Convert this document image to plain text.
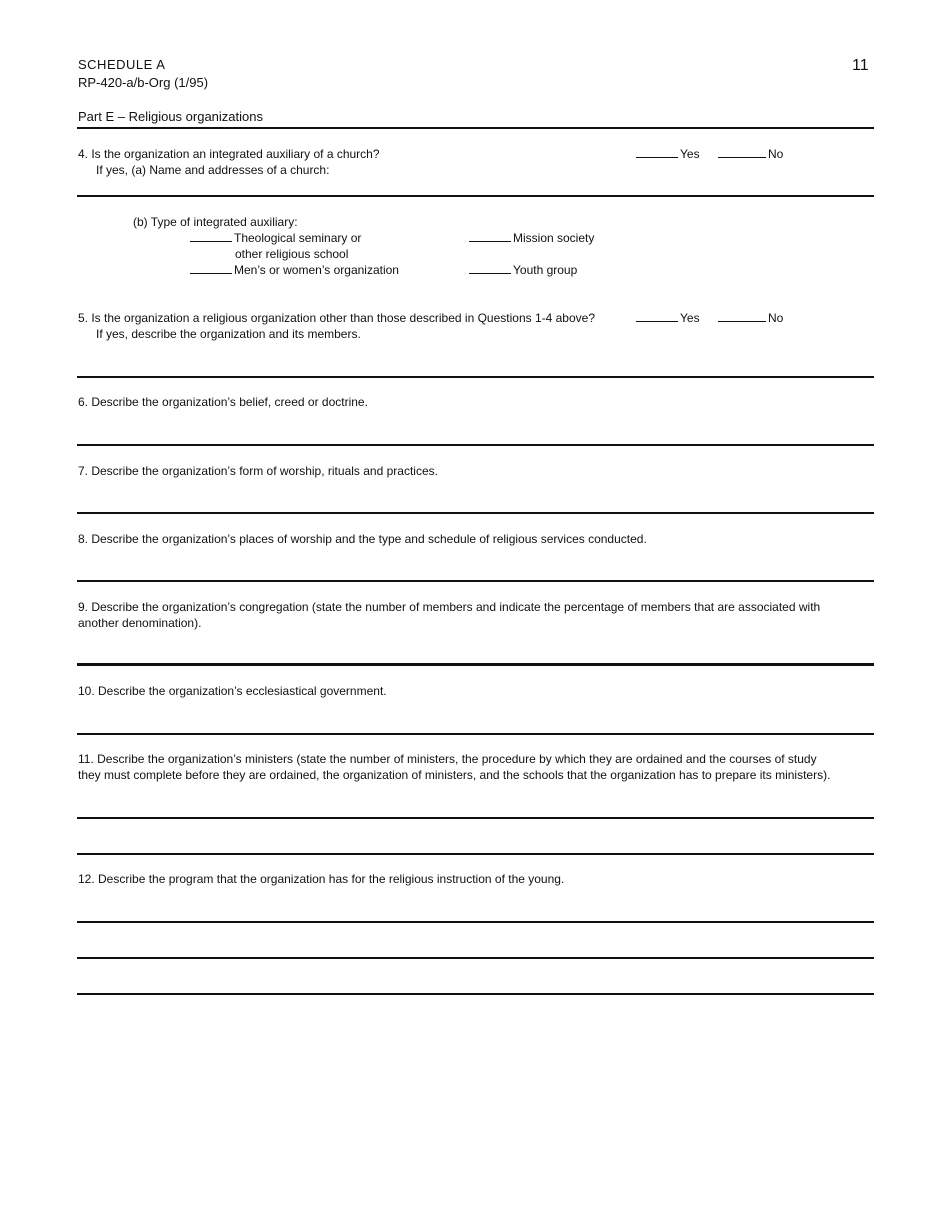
SCHEDULE A
RP-420-a/b-Org (1/95)
11
Part E – Religious organizations
4. Is the organization an integrated auxiliary of a church?
If yes, (a) Name and addresses of a church:
Yes	No
(b) Type of integrated auxiliary:
Theological seminary or
other religious school
Men’s or women’s organization
Mission society
Youth group
5. Is the organization a religious organization other than those described in Questions 1-4 above?
If yes, describe the organization and its members.
Yes	No
6. Describe the organization’s belief, creed or doctrine.
7. Describe the organization’s form of worship, rituals and practices.
8. Describe the organization’s places of worship and the type and schedule of religious services conducted.
9. Describe the organization’s congregation (state the number of members and indicate the percentage of members that are associated with
another denomination).
10. Describe the organization’s ecclesiastical government.
11. Describe the organization’s ministers (state the number of ministers, the procedure by which they are ordained and the courses of study
they must complete before they are ordained, the organization of ministers, and the schools that the organization has to prepare its ministers).
12. Describe the program that the organization has for the religious instruction of the young.
